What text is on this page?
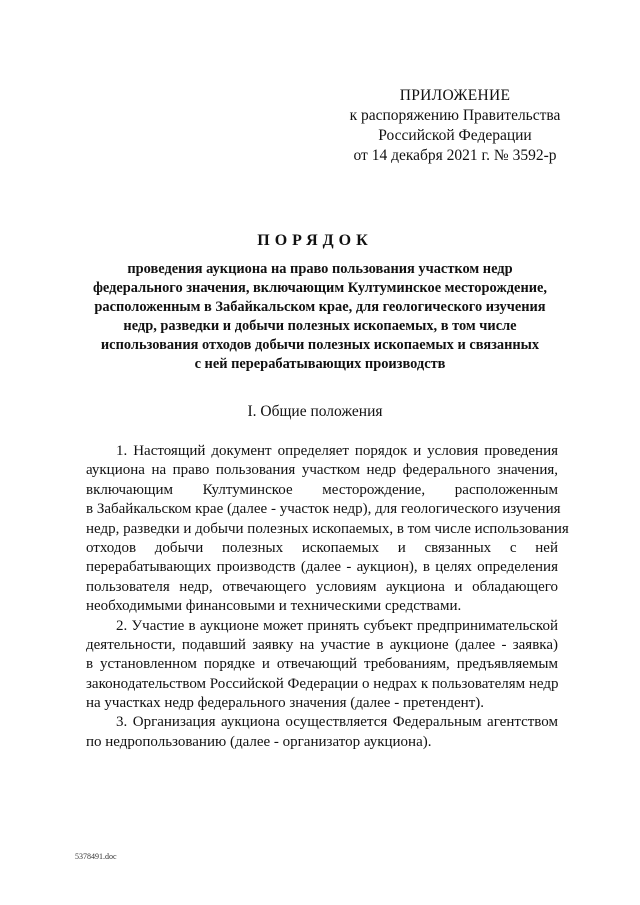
ПРИЛОЖЕНИЕ
к распоряжению Правительства
Российской Федерации
от 14 декабря 2021 г. № 3592-р
ПОРЯДОК
проведения аукциона на право пользования участком недр
федерального значения, включающим Култуминское месторождение,
расположенным в Забайкальском крае, для геологического изучения
недр, разведки и добычи полезных ископаемых, в том числе
использования отходов добычи полезных ископаемых и связанных
с ней перерабатывающих производств
I. Общие положения
1. Настоящий документ определяет порядок и условия проведения
аукциона на право пользования участком недр федерального значения,
включающим Култуминское месторождение, расположенным
в Забайкальском крае (далее - участок недр), для геологического изучения
недр, разведки и добычи полезных ископаемых, в том числе использования
отходов добычи полезных ископаемых и связанных с ней
перерабатывающих производств (далее - аукцион), в целях определения
пользователя недр, отвечающего условиям аукциона и обладающего
необходимыми финансовыми и техническими средствами.
2. Участие в аукционе может принять субъект предпринимательской
деятельности, подавший заявку на участие в аукционе (далее - заявка)
в установленном порядке и отвечающий требованиям, предъявляемым
законодательством Российской Федерации о недрах к пользователям недр
на участках недр федерального значения (далее - претендент).
3. Организация аукциона осуществляется Федеральным агентством
по недропользованию (далее - организатор аукциона).
5378491.doc
